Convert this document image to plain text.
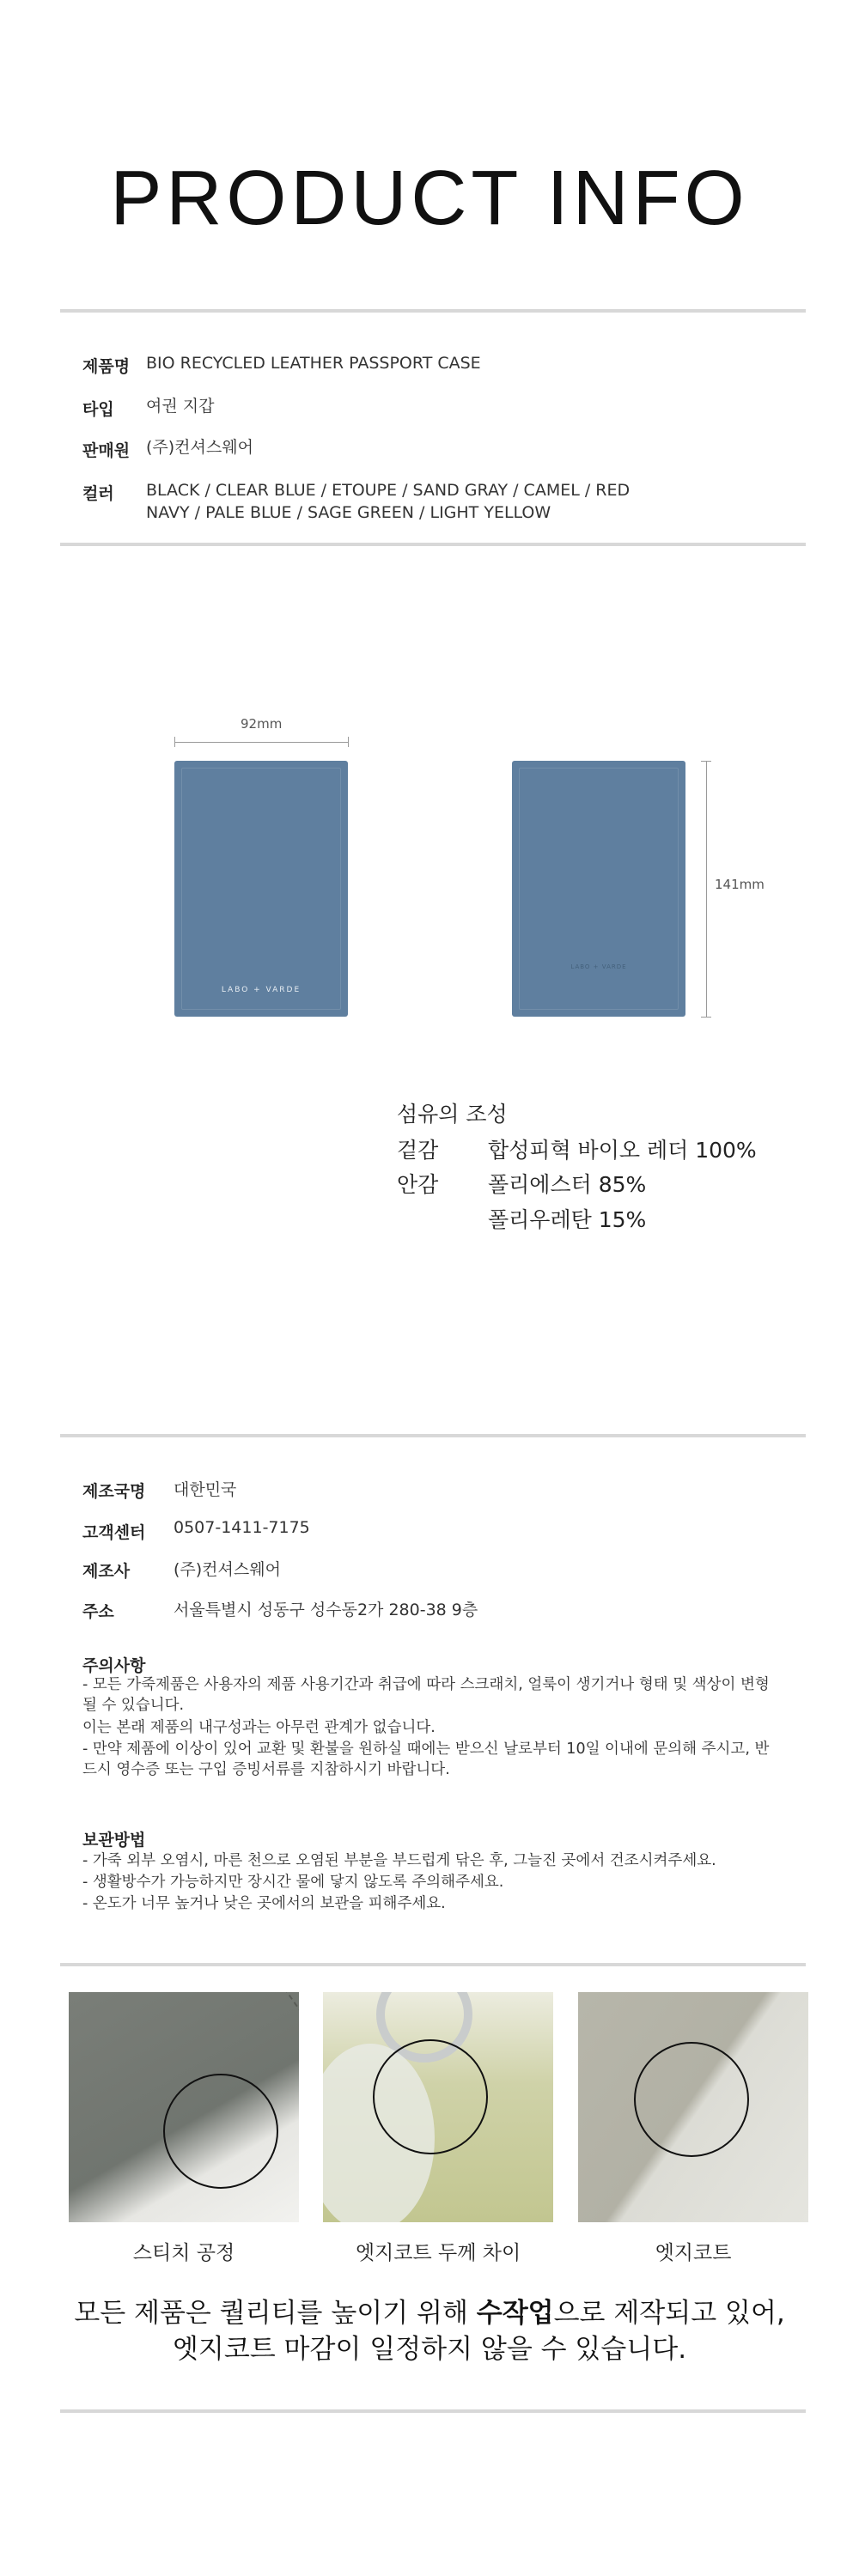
PRODUCT INFO
제품명 BIO RECYCLED LEATHER PASSPORT CASE
타입 여권 지갑
판매원 (주)컨셔스웨어
컬러 BLACK / CLEAR BLUE / ETOUPE / SAND GRAY / CAMEL / RED
NAVY / PALE BLUE / SAGE GREEN / LIGHT YELLOW
92mm
LABO + VARDE
LABO + VARDE
141mm
섬유의 조성
겉감 합성피혁 바이오 레더 100%
안감 폴리에스터 85%
폴리우레탄 15%
제조국명 대한민국
고객센터 0507-1411-7175
제조사	(주)컨셔스웨어
주소	서울특별시 성동구 성수동2가 280-38 9층
주의사항
- 모든 가죽제품은 사용자의 제품 사용기간과 취급에 따라 스크래치, 얼룩이 생기거나 형태 및 색상이 변형될 수 있습니다.
이는 본래 제품의 내구성과는 아무런 관계가 없습니다.
- 만약 제품에 이상이 있어 교환 및 환불을 원하실 때에는 받으신 날로부터 10일 이내에 문의해 주시고, 반드시 영수증 또는 구입 증빙서류를 지참하시기 바랍니다.
보관방법
- 가죽 외부 오염시, 마른 천으로 오염된 부분을 부드럽게 닦은 후, 그늘진 곳에서 건조시켜주세요.
- 생활방수가 가능하지만 장시간 물에 닿지 않도록 주의해주세요.
- 온도가 너무 높거나 낮은 곳에서의 보관을 피해주세요.
스티치 공정	엣지코트 두께 차이	엣지코트
모든 제품은 퀄리티를 높이기 위해 수작업으로 제작되고 있어,
엣지코트 마감이 일정하지 않을 수 있습니다.
